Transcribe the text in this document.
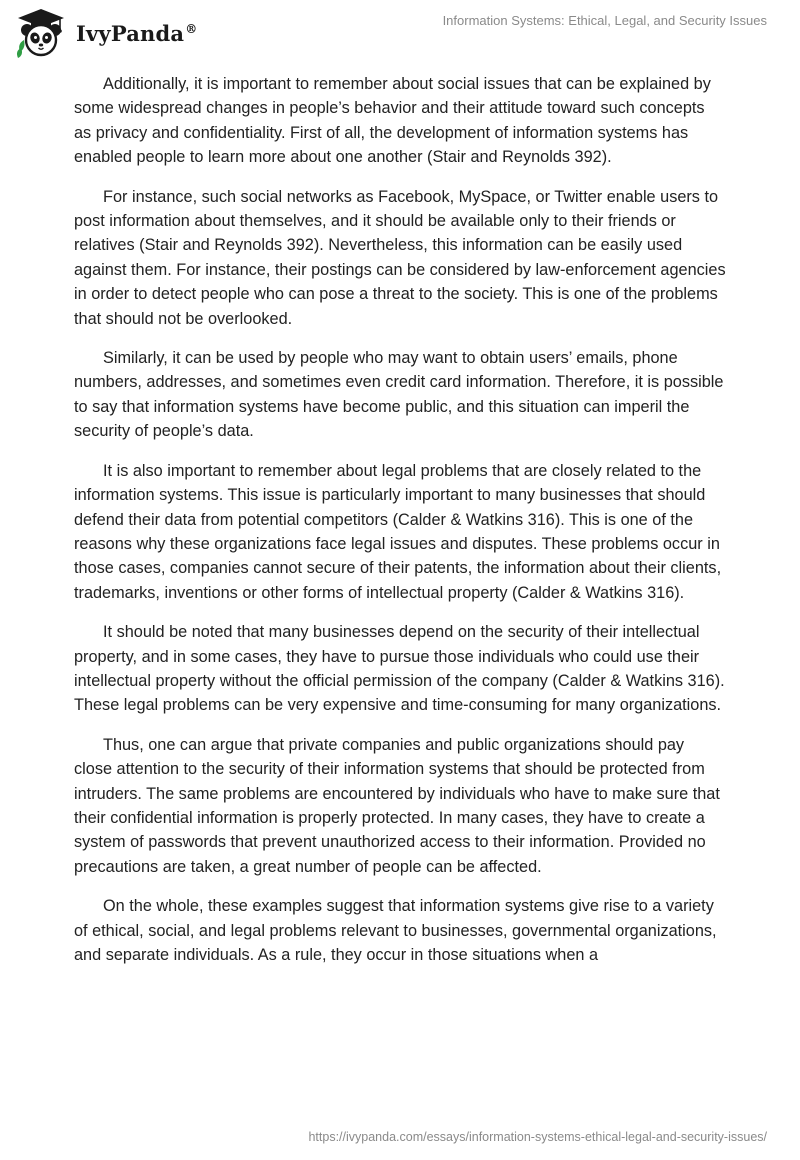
IvyPanda®
Information Systems: Ethical, Legal, and Security Issues

Additionally, it is important to remember about social issues that can be explained by some widespread changes in people’s behavior and their attitude toward such concepts as privacy and confidentiality. First of all, the development of information systems has enabled people to learn more about one another (Stair and Reynolds 392).

For instance, such social networks as Facebook, MySpace, or Twitter enable users to post information about themselves, and it should be available only to their friends or relatives (Stair and Reynolds 392). Nevertheless, this information can be easily used against them. For instance, their postings can be considered by law-enforcement agencies in order to detect people who can pose a threat to the society. This is one of the problems that should not be overlooked.

Similarly, it can be used by people who may want to obtain users’ emails, phone numbers, addresses, and sometimes even credit card information. Therefore, it is possible to say that information systems have become public, and this situation can imperil the security of people’s data.

It is also important to remember about legal problems that are closely related to the information systems. This issue is particularly important to many businesses that should defend their data from potential competitors (Calder & Watkins 316). This is one of the reasons why these organizations face legal issues and disputes. These problems occur in those cases, companies cannot secure of their patents, the information about their clients, trademarks, inventions or other forms of intellectual property (Calder & Watkins 316).

It should be noted that many businesses depend on the security of their intellectual property, and in some cases, they have to pursue those individuals who could use their intellectual property without the official permission of the company (Calder & Watkins 316). These legal problems can be very expensive and time-consuming for many organizations.

Thus, one can argue that private companies and public organizations should pay close attention to the security of their information systems that should be protected from intruders. The same problems are encountered by individuals who have to make sure that their confidential information is properly protected. In many cases, they have to create a system of passwords that prevent unauthorized access to their information. Provided no precautions are taken, a great number of people can be affected.

On the whole, these examples suggest that information systems give rise to a variety of ethical, social, and legal problems relevant to businesses, governmental organizations, and separate individuals. As a rule, they occur in those situations when a

https://ivypanda.com/essays/information-systems-ethical-legal-and-security-issues/
